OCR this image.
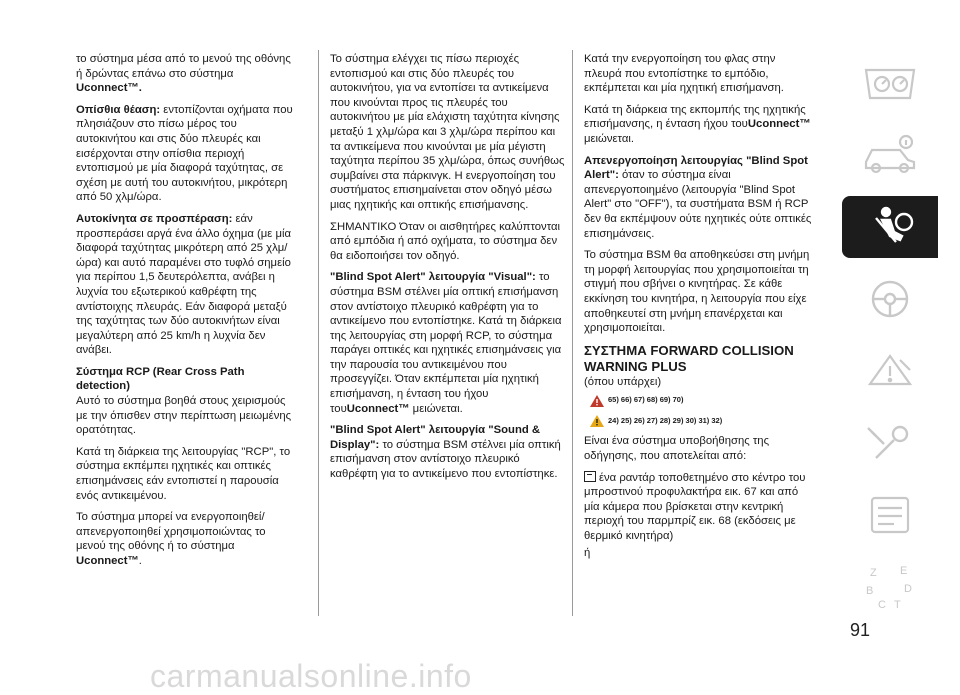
το σύστημα μέσα από το μενού της οθόνης ή δρώντας επάνω στο σύστημα Uconnect™.

Οπίσθια θέαση: εντοπίζονται οχήματα που πλησιάζουν στο πίσω μέρος του αυτοκινήτου και στις δύο πλευρές και εισέρχονται στην οπίσθια περιοχή εντοπισμού με μία διαφορά ταχύτητας, σε σχέση με αυτή του αυτοκινήτου, μικρότερη από 50 χλμ/ώρα.

Αυτοκίνητα σε προσπέραση: εάν προσπεράσει αργά ένα άλλο όχημα (με μία διαφορά ταχύτητας μικρότερη από 25 χλμ/ώρα) και αυτό παραμένει στο τυφλό σημείο για περίπου 1,5 δευτερόλεπτα, ανάβει η λυχνία του εξωτερικού καθρέφτη της αντίστοιχης πλευράς. Εάν διαφορά μεταξύ της ταχύτητας των δύο αυτοκινήτων είναι μεγαλύτερη από 25 km/h η λυχνία δεν ανάβει.

Σύστημα RCP (Rear Cross Path detection)

Αυτό το σύστημα βοηθά στους χειρισμούς με την όπισθεν στην περίπτωση μειωμένης ορατότητας.

Κατά τη διάρκεια της λειτουργίας "RCP", το σύστημα εκπέμπει ηχητικές και οπτικές επισημάνσεις εάν εντοπιστεί η παρουσία ενός αντικειμένου.

Το σύστημα μπορεί να ενεργοποιηθεί/απενεργοποιηθεί χρησιμοποιώντας το μενού της οθόνης ή το σύστημα Uconnect™.

Το σύστημα ελέγχει τις πίσω περιοχές εντοπισμού και στις δύο πλευρές του αυτοκινήτου, για να εντοπίσει τα αντικείμενα που κινούνται προς τις πλευρές του αυτοκινήτου με μία ελάχιστη ταχύτητα κίνησης μεταξύ 1 χλμ/ώρα και 3 χλμ/ώρα περίπου και τα αντικείμενα που κινούνται με μία μέγιστη ταχύτητα περίπου 35 χλμ/ώρα, όπως συνήθως συμβαίνει στα πάρκινγκ. Η ενεργοποίηση του συστήματος επισημαίνεται στον οδηγό μέσω μιας ηχητικής και οπτικής επισήμανσης.

ΣΗΜΑΝΤΙΚΟ Όταν οι αισθητήρες καλύπτονται από εμπόδια ή από οχήματα, το σύστημα δεν θα ειδοποιήσει τον οδηγό.

"Blind Spot Alert" λειτουργία "Visual": το σύστημα BSM στέλνει μία οπτική επισήμανση στον αντίστοιχο πλευρικό καθρέφτη για το αντικείμενο που εντοπίστηκε. Κατά τη διάρκεια της λειτουργίας στη μορφή RCP, το σύστημα παράγει οπτικές και ηχητικές επισημάνσεις για την παρουσία του αντικειμένου που προσεγγίζει. Όταν εκπέμπεται μία ηχητική επισήμανση, η ένταση του ήχου τουUconnect™ μειώνεται.

"Blind Spot Alert" λειτουργία "Sound & Display": το σύστημα BSM στέλνει μία οπτική επισήμανση στον αντίστοιχο πλευρικό καθρέφτη για το αντικείμενο που εντοπίστηκε.

Κατά την ενεργοποίηση του φλας στην πλευρά που εντοπίστηκε το εμπόδιο, εκπέμπεται και μία ηχητική επισήμανση.

Κατά τη διάρκεια της εκπομπής της ηχητικής επισήμανσης, η ένταση ήχου τουUconnect™ μειώνεται.

Απενεργοποίηση λειτουργίας "Blind Spot Alert": όταν το σύστημα είναι απενεργοποιημένο (λειτουργία "Blind Spot Alert" στο "OFF"), τα συστήματα BSM ή RCP δεν θα εκπέμψουν ούτε ηχητικές ούτε οπτικές επισημάνσεις.

Το σύστημα BSM θα αποθηκεύσει στη μνήμη τη μορφή λειτουργίας που χρησιμοποιείται τη στιγμή που σβήνει ο κινητήρας. Σε κάθε εκκίνηση του κινητήρα, η λειτουργία που είχε αποθηκευτεί στη μνήμη επανέρχεται και χρησιμοποιείται.

ΣΥΣΤΗΜΑ FORWARD COLLISION WARNING PLUS

(όπου υπάρχει)

65) 66) 67) 68) 69) 70)
24) 25) 26) 27) 28) 29) 30) 31) 32)

Είναι ένα σύστημα υποβοήθησης της οδήγησης, που αποτελείται από:

ένα ραντάρ τοποθετημένο στο κέντρο του μπροστινού προφυλακτήρα εικ. 67 και από μία κάμερα που βρίσκεται στην κεντρική περιοχή του παρμπρίζ εικ. 68 (εκδόσεις με θερμικό κινητήρα)

ή

Z E
B	D
C T
91
carmanualsonline.info
